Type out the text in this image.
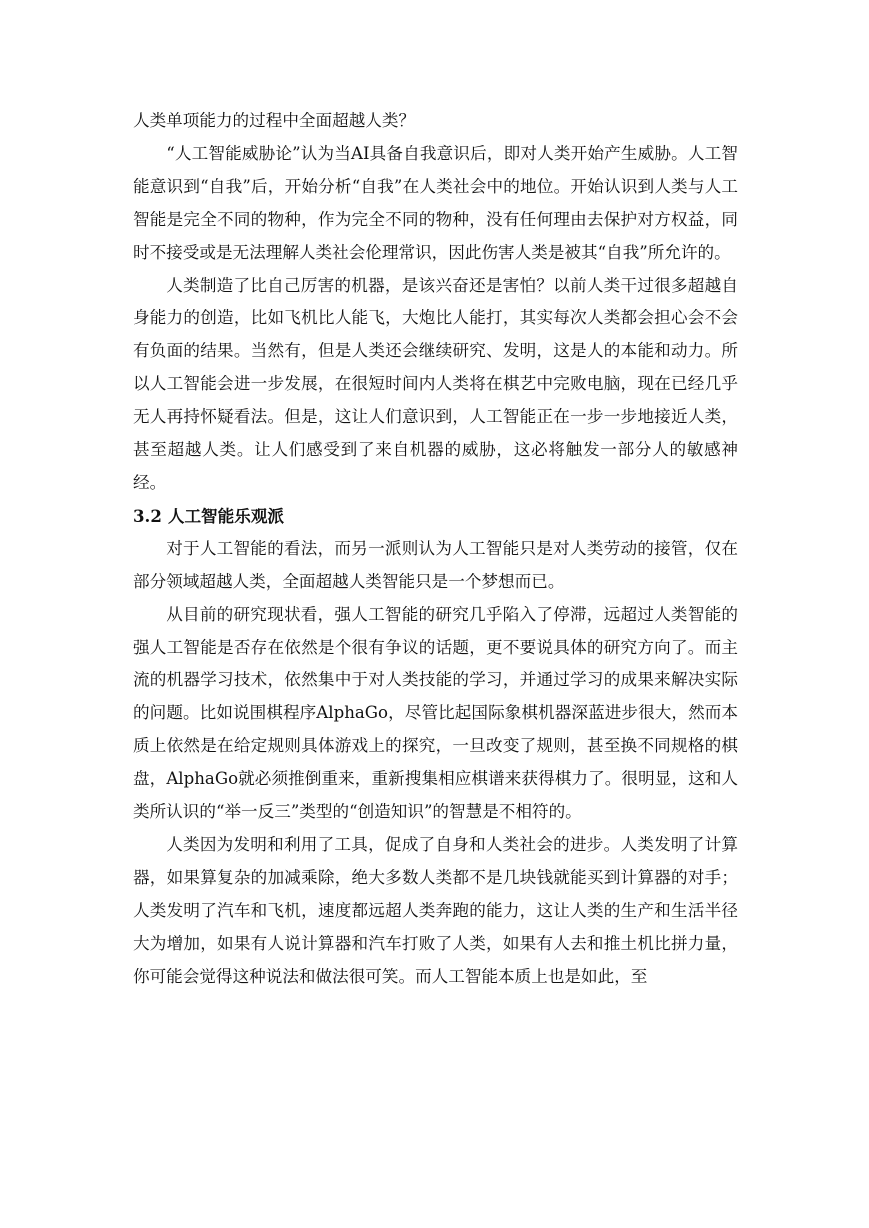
人类单项能力的过程中全面超越人类？

“人工智能威胁论”认为当AI具备自我意识后，即对人类开始产生威胁。人工智能意识到“自我”后，开始分析“自我”在人类社会中的地位。开始认识到人类与人工智能是完全不同的物种，作为完全不同的物种，没有任何理由去保护对方权益，同时不接受或是无法理解人类社会伦理常识，因此伤害人类是被其“自我”所允许的。

人类制造了比自己厉害的机器，是该兴奋还是害怕？以前人类干过很多超越自身能力的创造，比如飞机比人能飞，大炮比人能打，其实每次人类都会担心会不会有负面的结果。当然有，但是人类还会继续研究、发明，这是人的本能和动力。所以人工智能会进一步发展，在很短时间内人类将在棋艺中完败电脑，现在已经几乎无人再持怀疑看法。但是，这让人们意识到，人工智能正在一步一步地接近人类，甚至超越人类。让人们感受到了来自机器的威胁，这必将触发一部分人的敏感神经。

3.2 人工智能乐观派

对于人工智能的看法，而另一派则认为人工智能只是对人类劳动的接管，仅在部分领域超越人类，全面超越人类智能只是一个梦想而已。

从目前的研究现状看，强人工智能的研究几乎陷入了停滞，远超过人类智能的强人工智能是否存在依然是个很有争议的话题，更不要说具体的研究方向了。而主流的机器学习技术，依然集中于对人类技能的学习，并通过学习的成果来解决实际的问题。比如说围棋程序AlphaGo，尽管比起国际象棋机器深蓝进步很大，然而本质上依然是在给定规则具体游戏上的探究，一旦改变了规则，甚至换不同规格的棋盘，AlphaGo就必须推倒重来，重新搜集相应棋谱来获得棋力了。很明显，这和人类所认识的“举一反三”类型的“创造知识”的智慧是不相符的。

人类因为发明和利用了工具，促成了自身和人类社会的进步。人类发明了计算器，如果算复杂的加减乘除，绝大多数人类都不是几块钱就能买到计算器的对手；人类发明了汽车和飞机，速度都远超人类奔跑的能力，这让人类的生产和生活半径大为增加，如果有人说计算器和汽车打败了人类，如果有人去和推土机比拼力量，你可能会觉得这种说法和做法很可笑。而人工智能本质上也是如此，至
